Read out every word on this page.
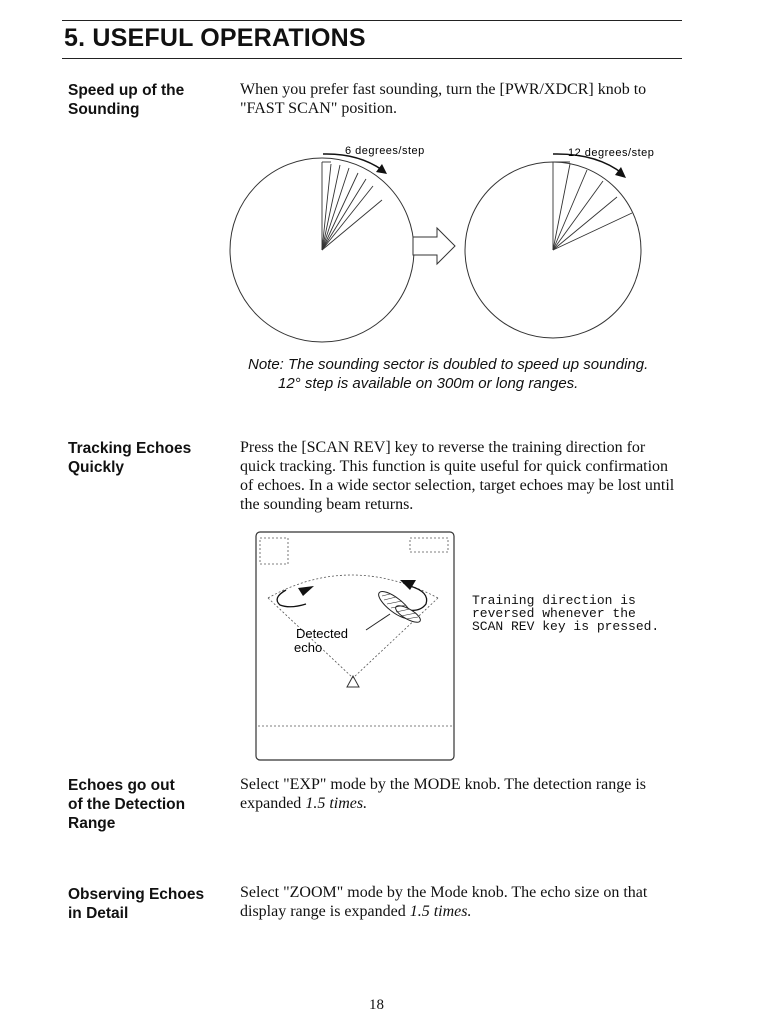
5. USEFUL OPERATIONS
Speed up of the
Sounding
When you prefer fast sounding, turn the [PWR/XDCR] knob to
"FAST SCAN" position.
6 degrees/step	12 degrees/step
Note: The sounding sector is doubled to speed up sounding.
12° step is available on 300m or long ranges.
Tracking Echoes
Quickly
Press the [SCAN REV] key to reverse the training direction for
quick tracking. This function is quite useful for quick confirmation
of echoes. In a wide sector selection, target echoes may be lost until
the sounding beam returns.
Detected
echo
Training direction is
reversed whenever the
SCAN REV key is pressed.
Echoes go out
of the Detection
Range
Select "EXP" mode by the MODE knob. The detection range is
expanded 1.5 times.
Observing Echoes
in Detail
Select "ZOOM" mode by the Mode knob. The echo size on that
display range is expanded 1.5 times.
18
